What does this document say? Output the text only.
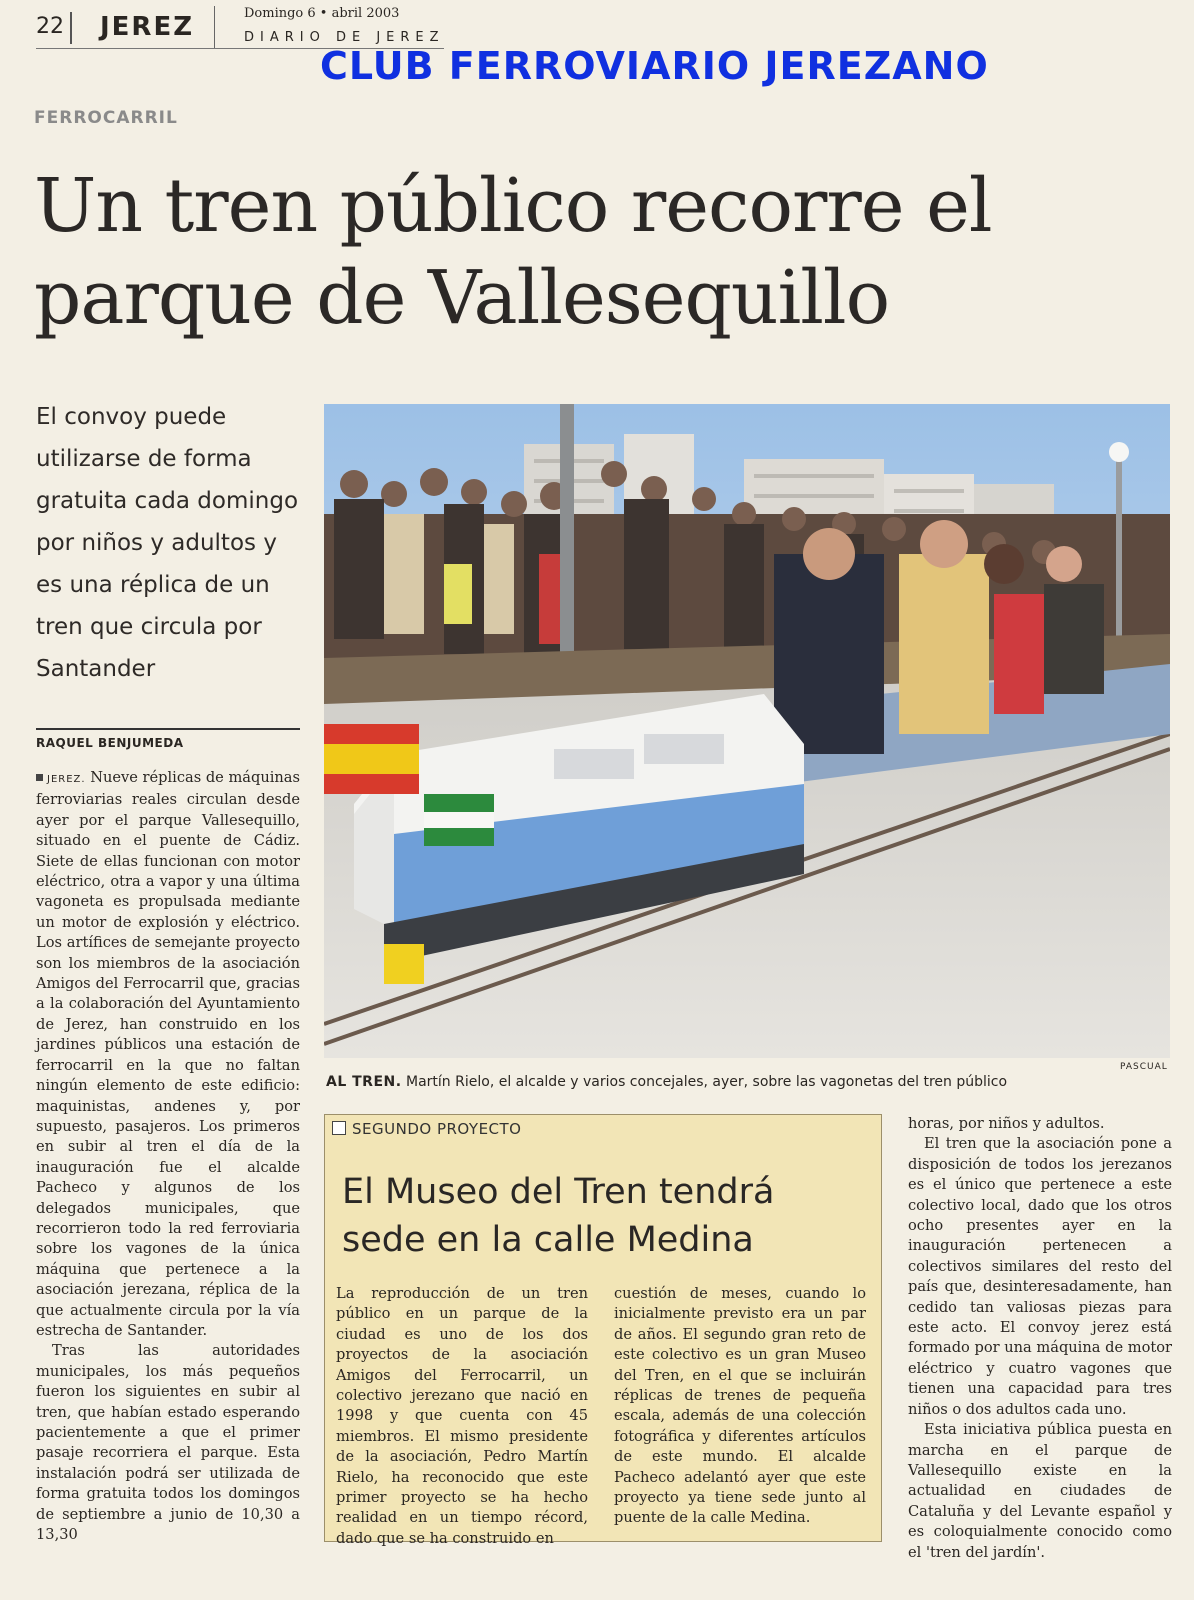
22 JEREZ	Domingo 6 • abril 2003
DIARIO DE JEREZ
CLUB FERROVIARIO JEREZANO
FERROCARRIL
Un tren público recorre el parque de Vallesequillo
El convoy puede utilizarse de forma gratuita cada domingo por niños y adultos y es una réplica de un tren que circula por Santander
RAQUEL BENJUMEDA

JEREZ. Nueve réplicas de máquinas ferroviarias reales circulan desde ayer por el parque Vallesequillo, situado en el puente de Cádiz. Siete de ellas funcionan con motor eléctrico, otra a vapor y una última vagoneta es propulsada mediante un motor de explosión y eléctrico. Los artífices de semejante proyecto son los miembros de la asociación Amigos del Ferrocarril que, gracias a la colaboración del Ayuntamiento de Jerez, han construido en los jardines públicos una estación de ferrocarril en la que no faltan ningún elemento de este edificio: maquinistas, andenes y, por supuesto, pasajeros. Los primeros en subir al tren el día de la inauguración fue el alcalde Pacheco y algunos de los delegados municipales, que recorrieron todo la red ferroviaria sobre los vagones de la única máquina que pertenece a la asociación jerezana, réplica de la que actualmente circula por la vía estrecha de Santander.

Tras las autoridades municipales, los más pequeños fueron los siguientes en subir al tren, que habían estado esperando pacientemente a que el primer pasaje recorriera el parque. Esta instalación podrá ser utilizada de forma gratuita todos los domingos de septiembre a junio de 10,30 a 13,30

PASCUAL
AL TREN. Martín Rielo, el alcalde y varios concejales, ayer, sobre las vagonetas del tren público
SEGUNDO PROYECTO
El Museo del Tren tendrá sede en la calle Medina
La reproducción de un tren público en un parque de la ciudad es uno de los dos proyectos de la asociación Amigos del Ferrocarril, un colectivo jerezano que nació en 1998 y que cuenta con 45 miembros. El mismo presidente de la asociación, Pedro Martín Rielo, ha reconocido que este primer proyecto se ha hecho realidad en un tiempo récord, dado que se ha construido en
cuestión de meses, cuando lo inicialmente previsto era un par de años. El segundo gran reto de este colectivo es un gran Museo del Tren, en el que se incluirán réplicas de trenes de pequeña escala, además de una colección fotográfica y diferentes artículos de este mundo. El alcalde Pacheco adelantó ayer que este proyecto ya tiene sede junto al puente de la calle Medina.

horas, por niños y adultos.

El tren que la asociación pone a disposición de todos los jerezanos es el único que pertenece a este colectivo local, dado que los otros ocho presentes ayer en la inauguración pertenecen a colectivos similares del resto del país que, desinteresadamente, han cedido tan valiosas piezas para este acto. El convoy jerez está formado por una máquina de motor eléctrico y cuatro vagones que tienen una capacidad para tres niños o dos adultos cada uno.

Esta iniciativa pública puesta en marcha en el parque de Vallesequillo existe en la actualidad en ciudades de Cataluña y del Levante español y es coloquialmente conocido como el 'tren del jardín'.
